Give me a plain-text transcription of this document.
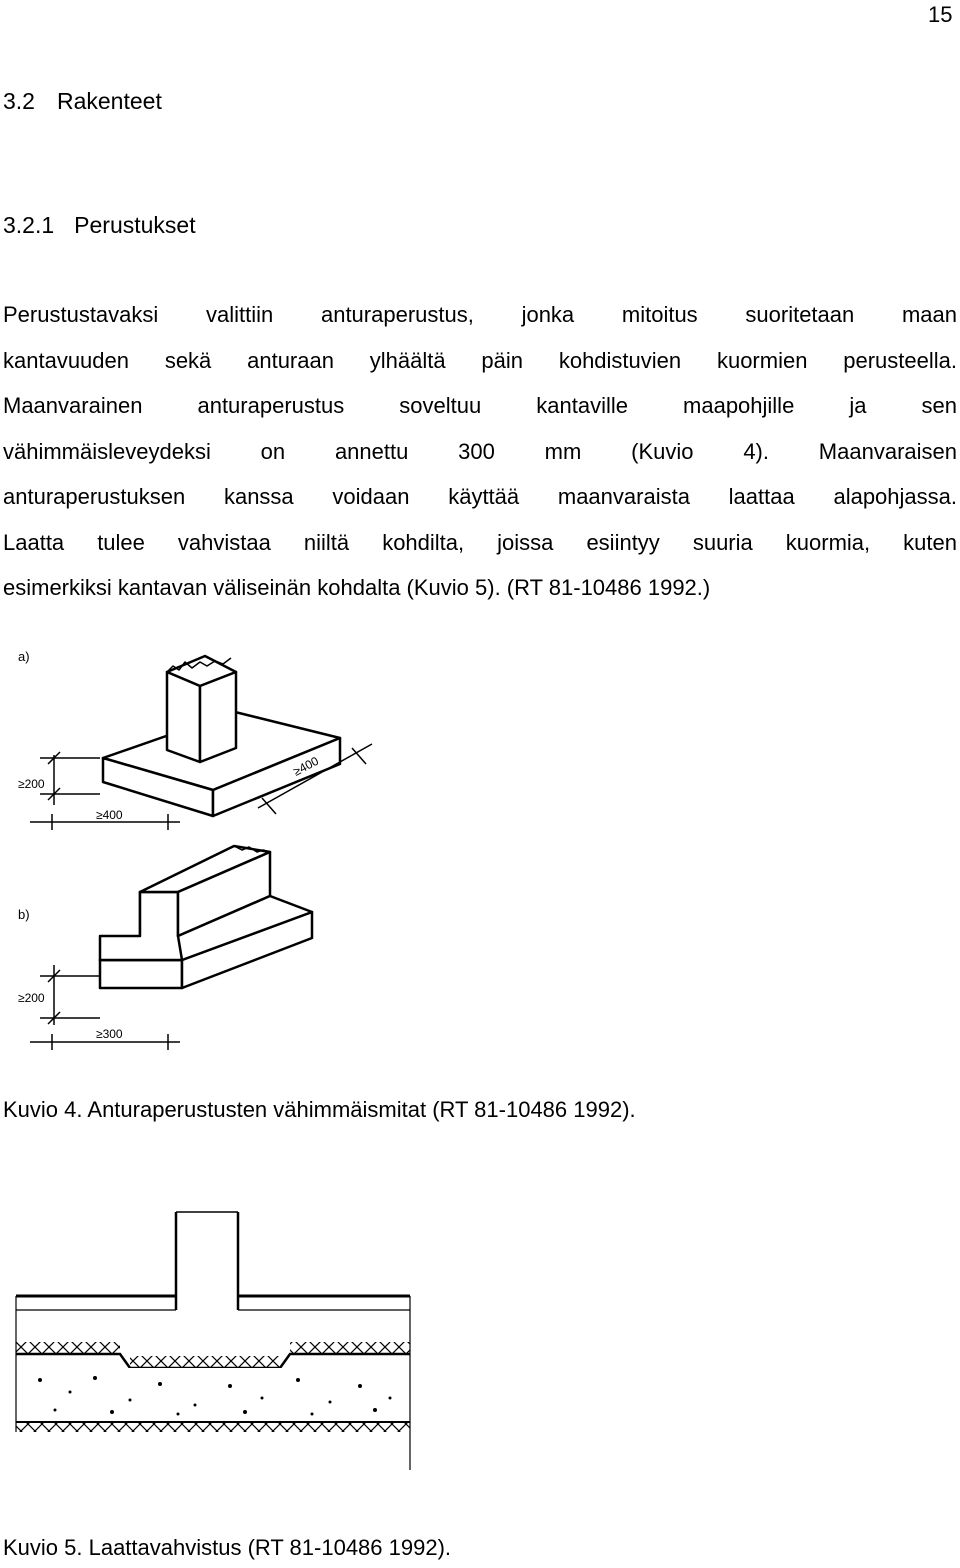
15
3.2 Rakenteet
3.2.1 Perustukset

Perustustavaksi valittiin anturaperustus, jonka mitoitus suoritetaan maan
kantavuuden sekä anturaan ylhäältä päin kohdistuvien kuormien perusteella.
Maanvarainen anturaperustus soveltuu kantaville maapohjille ja sen
vähimmäisleveydeksi on annettu 300 mm (Kuvio 4). Maanvaraisen
anturaperustuksen kanssa voidaan käyttää maanvaraista laattaa alapohjassa.
Laatta tulee vahvistaa niiltä kohdilta, joissa esiintyy suuria kuormia, kuten
esimerkiksi kantavan väliseinän kohdalta (Kuvio 5). (RT 81-10486 1992.)

a)
b)
≥200
≥400
≥400
≥200
≥300
Kuvio 4. Anturaperustusten vähimmäismitat (RT 81-10486 1992).
Kuvio 5. Laattavahvistus (RT 81-10486 1992).
